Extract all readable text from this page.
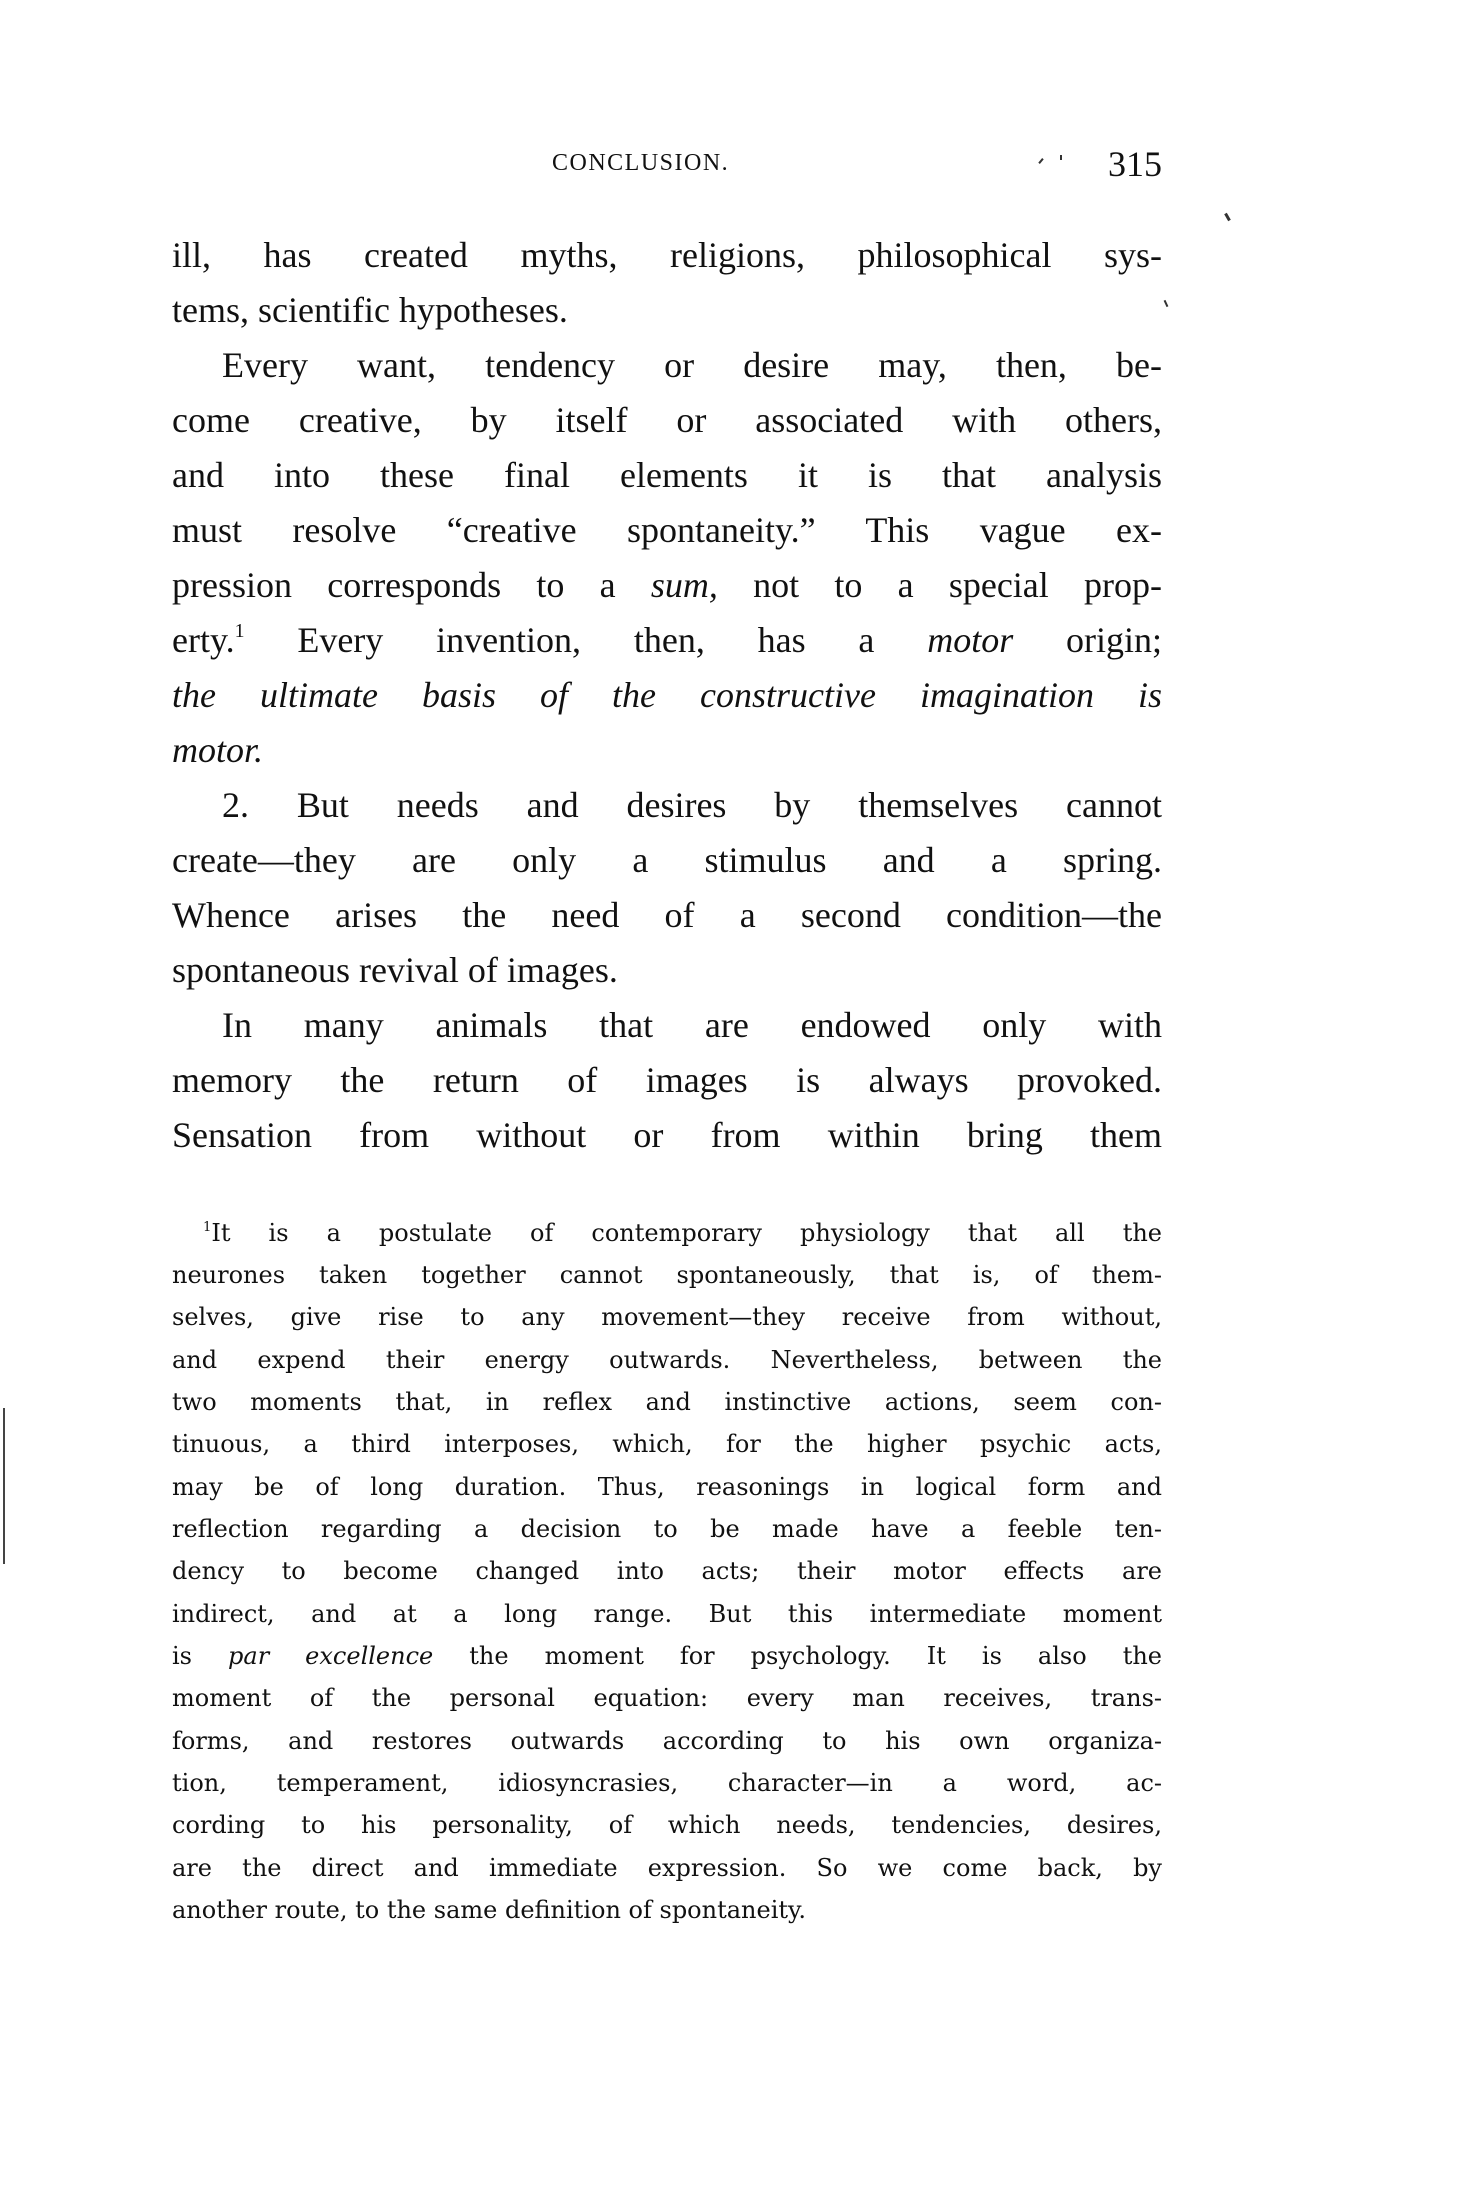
CONCLUSION.	315
ill, has created myths, religions, philosophical sys-
tems, scientific hypotheses.
Every want, tendency or desire may, then, be-
come creative, by itself or associated with others,
and into these final elements it is that analysis
must resolve “creative spontaneity.” This vague ex-
pression corresponds to a sum, not to a special prop-
erty.$^1$ Every invention, then, has a motor origin;
the ultimate basis of the constructive imagination is
motor.
2. But needs and desires by themselves cannot
create—they are only a stimulus and a spring.
Whence arises the need of a second condition—the
spontaneous revival of images.
In many animals that are endowed only with
memory the return of images is always provoked.
Sensation from without or from within bring them
$^1$It is a postulate of contemporary physiology that all the
neurones taken together cannot spontaneously, that is, of them-
selves, give rise to any movement—they receive from without,
and expend their energy outwards. Nevertheless, between the
two moments that, in reflex and instinctive actions, seem con-
tinuous, a third interposes, which, for the higher psychic acts,
may be of long duration. Thus, reasonings in logical form and
reflection regarding a decision to be made have a feeble ten-
dency to become changed into acts; their motor effects are
indirect, and at a long range. But this intermediate moment
is par excellence the moment for psychology. It is also the
moment of the personal equation: every man receives, trans-
forms, and restores outwards according to his own organiza-
tion, temperament, idiosyncrasies, character—in a word, ac-
cording to his personality, of which needs, tendencies, desires,
are the direct and immediate expression. So we come back, by
another route, to the same definition of spontaneity.
